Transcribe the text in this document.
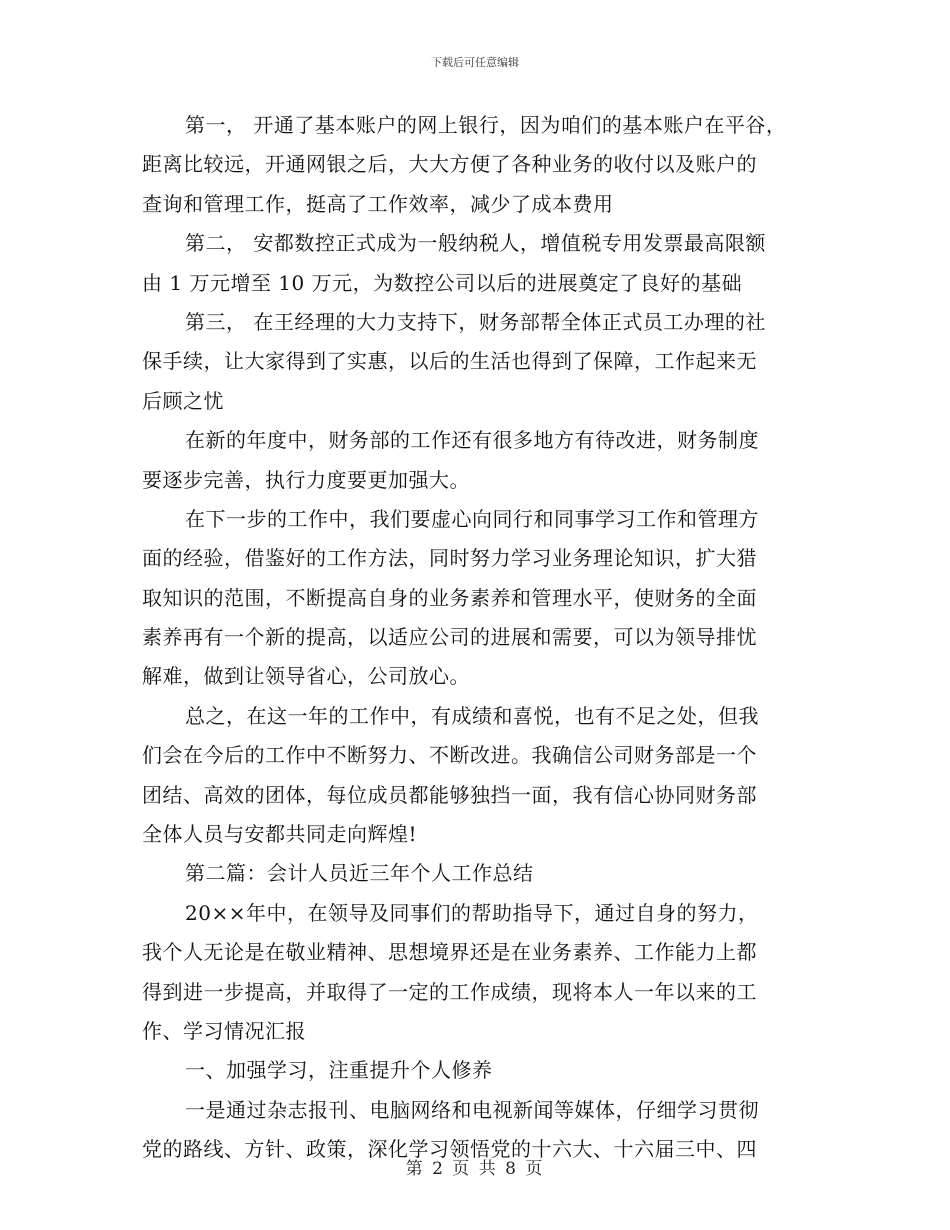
下载后可任意编辑
第一， 开通了基本账户的网上银行，因为咱们的基本账户在平谷，
距离比较远，开通网银之后，大大方便了各种业务的收付以及账户的
查询和管理工作，挺高了工作效率，减少了成本费用
第二， 安都数控正式成为一般纳税人，增值税专用发票最高限额
由 1 万元增至 10 万元，为数控公司以后的进展奠定了良好的基础
第三， 在王经理的大力支持下，财务部帮全体正式员工办理的社
保手续，让大家得到了实惠，以后的生活也得到了保障，工作起来无
后顾之忧
在新的年度中，财务部的工作还有很多地方有待改进，财务制度
要逐步完善，执行力度要更加强大。
在下一步的工作中，我们要虚心向同行和同事学习工作和管理方
面的经验，借鉴好的工作方法，同时努力学习业务理论知识，扩大猎
取知识的范围，不断提高自身的业务素养和管理水平，使财务的全面
素养再有一个新的提高，以适应公司的进展和需要，可以为领导排忧
解难，做到让领导省心，公司放心。
总之，在这一年的工作中，有成绩和喜悦，也有不足之处，但我
们会在今后的工作中不断努力、不断改进。我确信公司财务部是一个
团结、高效的团体，每位成员都能够独挡一面，我有信心协同财务部
全体人员与安都共同走向辉煌!
第二篇：会计人员近三年个人工作总结
20××年中，在领导及同事们的帮助指导下，通过自身的努力，
我个人无论是在敬业精神、思想境界还是在业务素养、工作能力上都
得到进一步提高，并取得了一定的工作成绩，现将本人一年以来的工
作、学习情况汇报
一、加强学习，注重提升个人修养
一是通过杂志报刊、电脑网络和电视新闻等媒体，仔细学习贯彻
党的路线、方针、政策，深化学习领悟党的十六大、十六届三中、四
第 2 页 共 8 页
